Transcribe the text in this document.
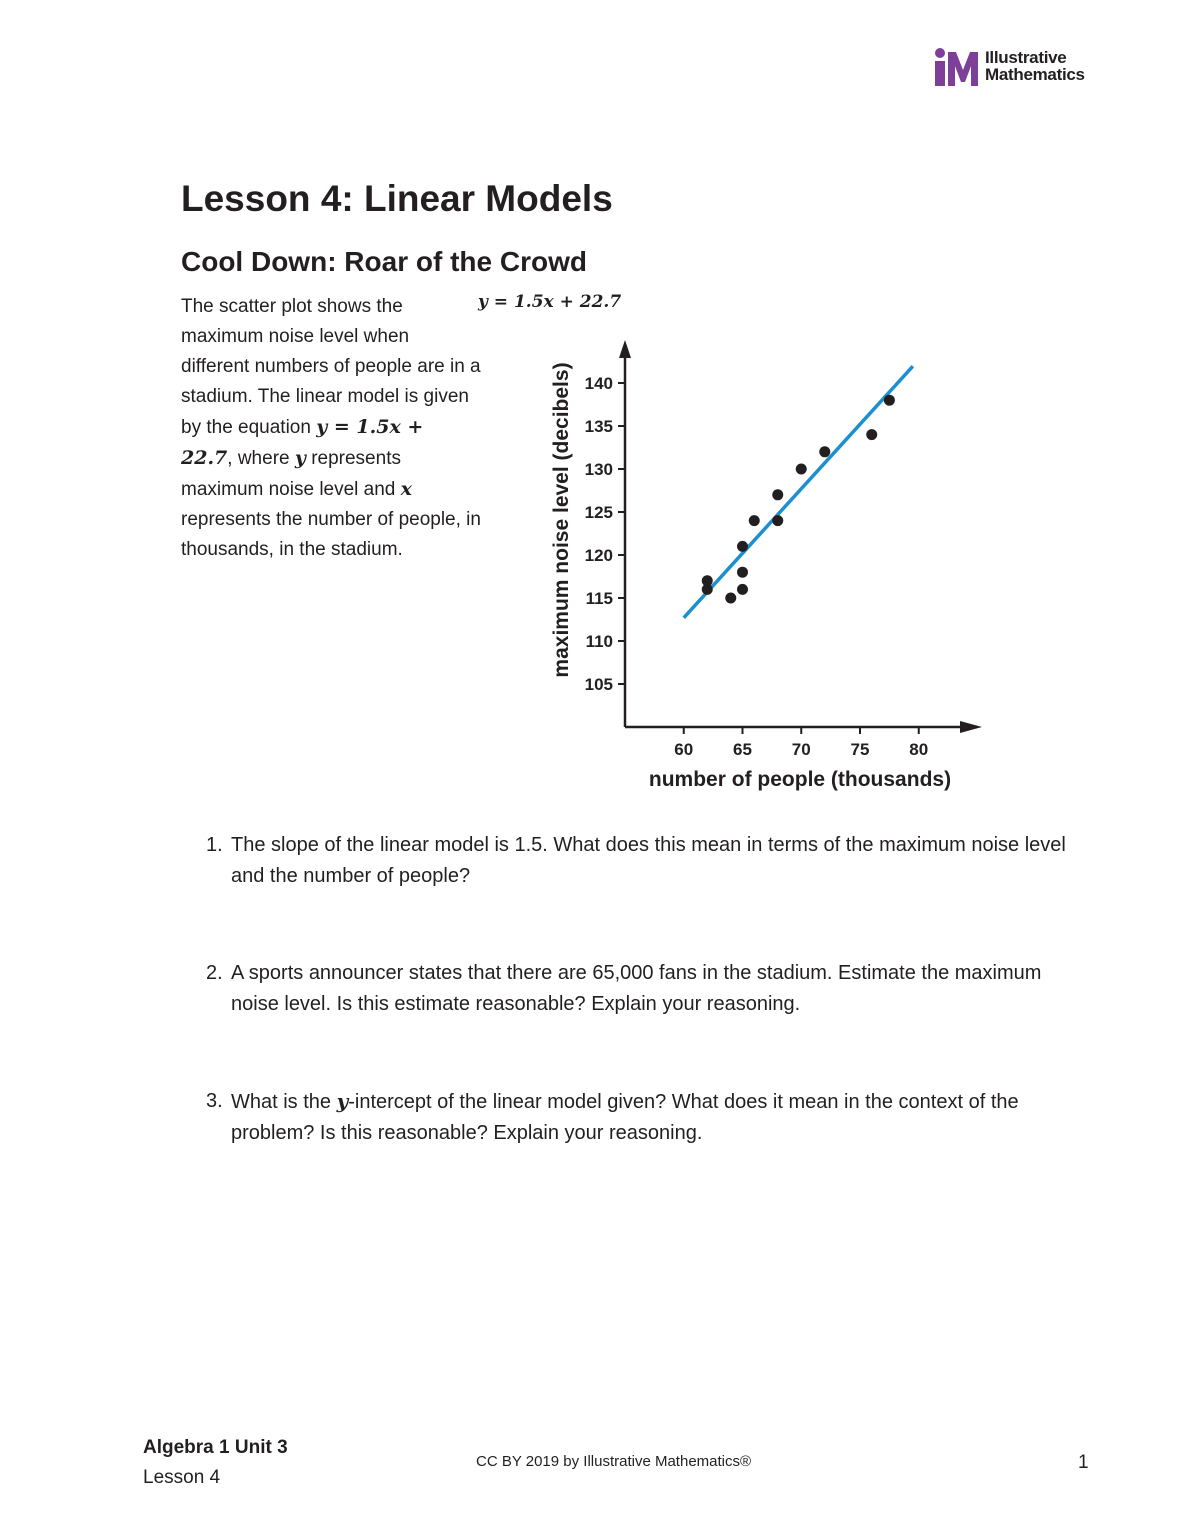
Illustrative
Mathematics
Lesson 4: Linear Models
Cool Down: Roar of the Crowd
The scatter plot shows the maximum noise level when different numbers of people are in a stadium. The linear model is given by the equation y = 1.5x + 22.7, where y represents maximum noise level and x represents the number of people, in thousands, in the stadium.
y = 1.5x + 22.7
60 65 70 75 80
105
110
115
120
125
130
135
140
number of people (thousands)
maximum noise level (decibels)
1. The slope of the linear model is 1.5. What does this mean in terms of the maximum noise level and the number of people?
2. A sports announcer states that there are 65,000 fans in the stadium. Estimate the maximum noise level. Is this estimate reasonable? Explain your reasoning.
3. What is the y-intercept of the linear model given? What does it mean in the context of the problem? Is this reasonable? Explain your reasoning.
Algebra 1 Unit 3
Lesson 4
CC BY 2019 by Illustrative Mathematics®	1
